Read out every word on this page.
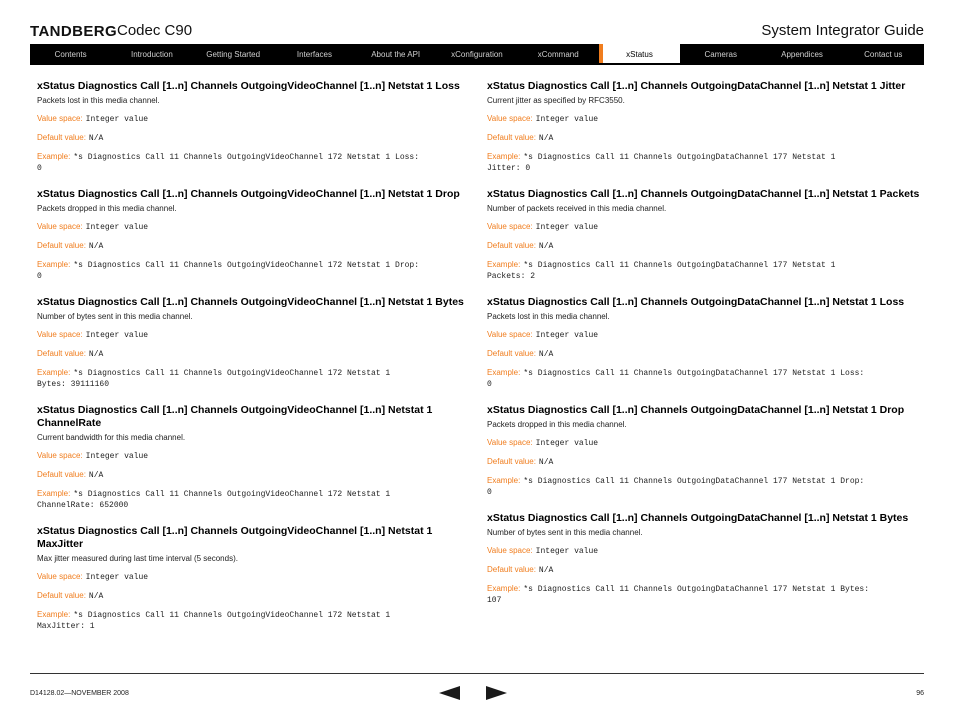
TANDBERG Codec C90	System Integrator Guide
Contents	Introduction	Getting Started	Interfaces	About the API	xConfiguration	xCommand	xStatus	Cameras	Appendices	Contact us
xStatus Diagnostics Call [1..n] Channels OutgoingVideoChannel [1..n] Netstat 1 Loss
Packets lost in this media channel.
Value space: Integer value
Default value: N/A
Example: *s Diagnostics Call 11 Channels OutgoingVideoChannel 172 Netstat 1 Loss:
0
xStatus Diagnostics Call [1..n] Channels OutgoingVideoChannel [1..n] Netstat 1 Drop
Packets dropped in this media channel.
Value space: Integer value
Default value: N/A
Example: *s Diagnostics Call 11 Channels OutgoingVideoChannel 172 Netstat 1 Drop:
0
xStatus Diagnostics Call [1..n] Channels OutgoingVideoChannel [1..n] Netstat 1 Bytes
Number of bytes sent in this media channel.
Value space: Integer value
Default value: N/A
Example: *s Diagnostics Call 11 Channels OutgoingVideoChannel 172 Netstat 1
Bytes: 39111160
xStatus Diagnostics Call [1..n] Channels OutgoingVideoChannel [1..n] Netstat 1 ChannelRate
Current bandwidth for this media channel.
Value space: Integer value
Default value: N/A
Example: *s Diagnostics Call 11 Channels OutgoingVideoChannel 172 Netstat 1
ChannelRate: 652000
xStatus Diagnostics Call [1..n] Channels OutgoingVideoChannel [1..n] Netstat 1 MaxJitter
Max jitter measured during last time interval (5 seconds).
Value space: Integer value
Default value: N/A
Example: *s Diagnostics Call 11 Channels OutgoingVideoChannel 172 Netstat 1
MaxJitter: 1
xStatus Diagnostics Call [1..n] Channels OutgoingDataChannel [1..n] Netstat 1 Jitter
Current jitter as specified by RFC3550.
Value space: Integer value
Default value: N/A
Example: *s Diagnostics Call 11 Channels OutgoingDataChannel 177 Netstat 1
Jitter: 0
xStatus Diagnostics Call [1..n] Channels OutgoingDataChannel [1..n] Netstat 1 Packets
Number of packets received in this media channel.
Value space: Integer value
Default value: N/A
Example: *s Diagnostics Call 11 Channels OutgoingDataChannel 177 Netstat 1
Packets: 2
xStatus Diagnostics Call [1..n] Channels OutgoingDataChannel [1..n] Netstat 1 Loss
Packets lost in this media channel.
Value space: Integer value
Default value: N/A
Example: *s Diagnostics Call 11 Channels OutgoingDataChannel 177 Netstat 1 Loss:
0
xStatus Diagnostics Call [1..n] Channels OutgoingDataChannel [1..n] Netstat 1 Drop
Packets dropped in this media channel.
Value space: Integer value
Default value: N/A
Example: *s Diagnostics Call 11 Channels OutgoingDataChannel 177 Netstat 1 Drop:
0
xStatus Diagnostics Call [1..n] Channels OutgoingDataChannel [1..n] Netstat 1 Bytes
Number of bytes sent in this media channel.
Value space: Integer value
Default value: N/A
Example: *s Diagnostics Call 11 Channels OutgoingDataChannel 177 Netstat 1 Bytes:
107
D14128.02—NOVEMBER 2008	96
